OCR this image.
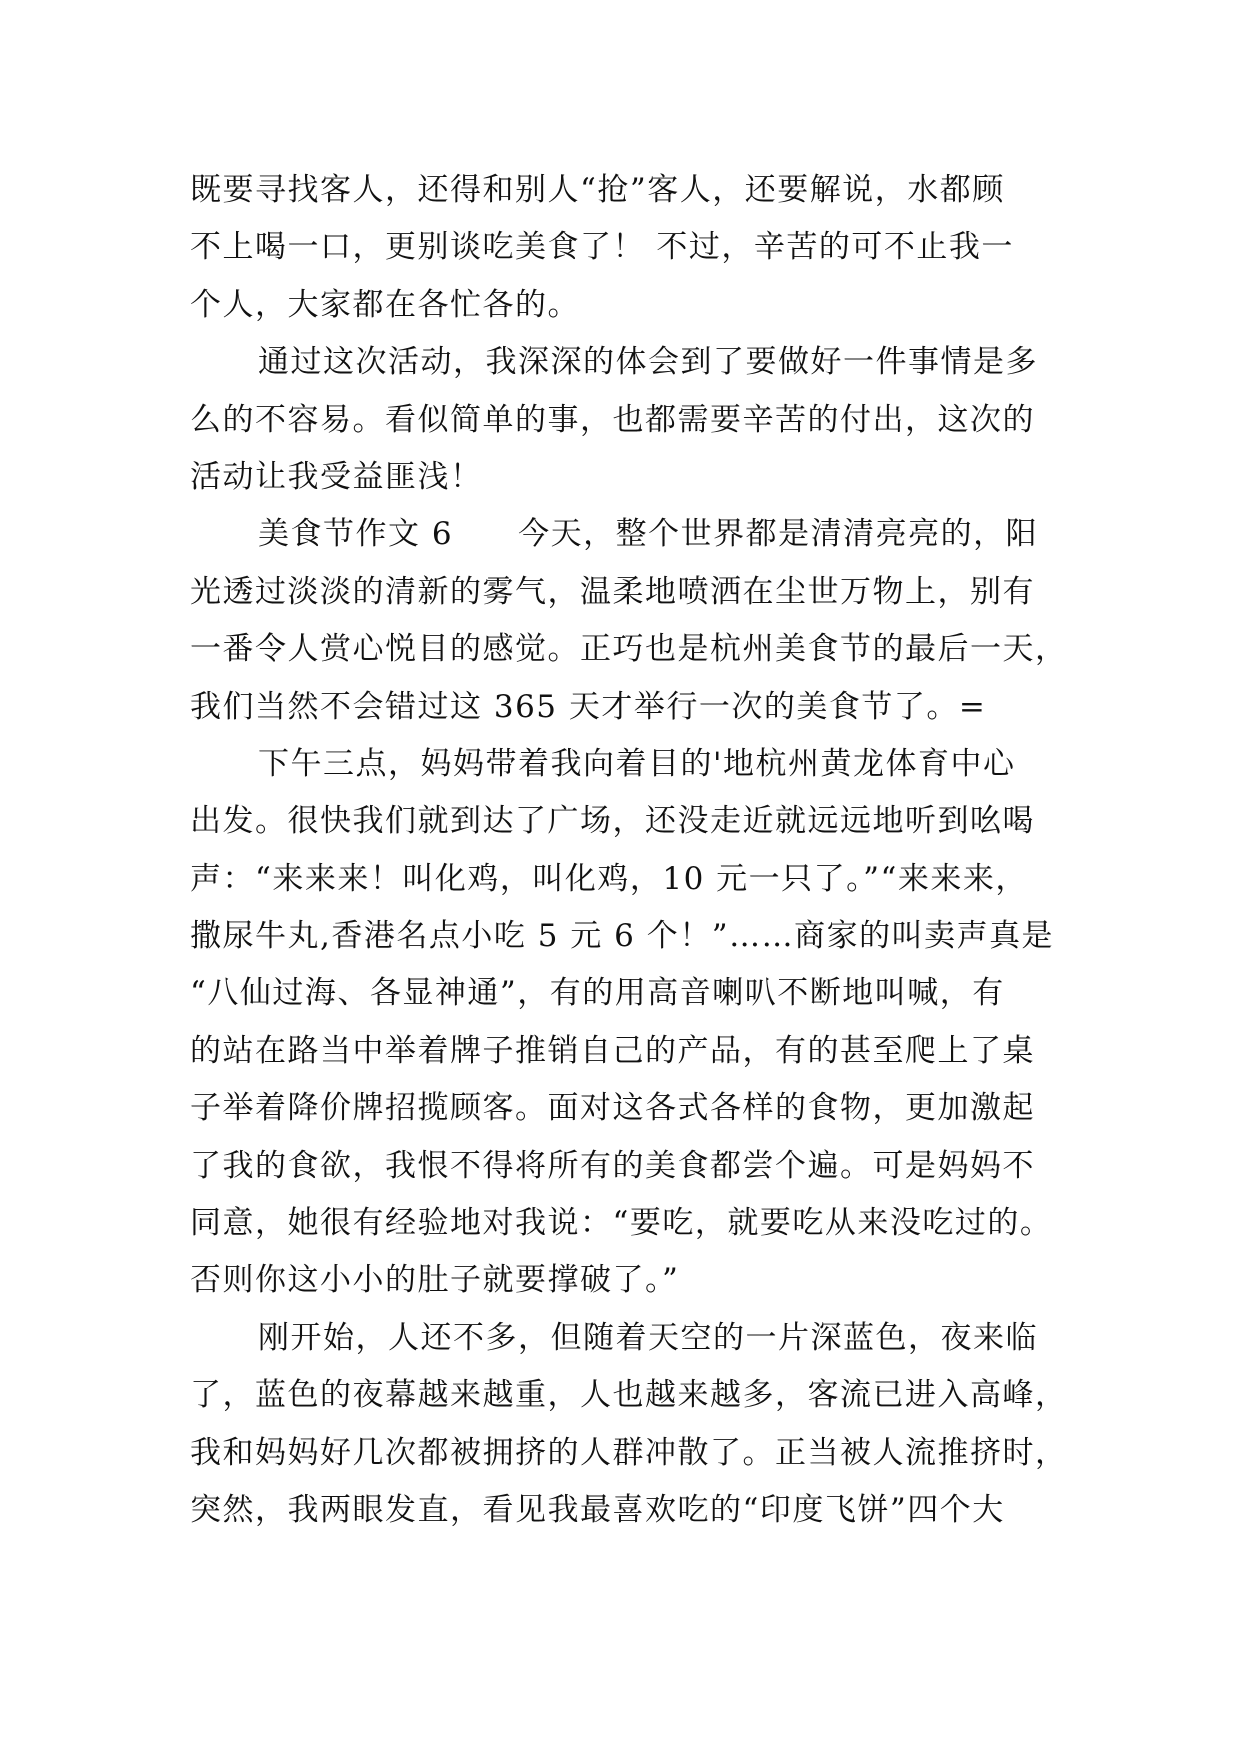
既要寻找客人，还得和别人“抢”客人，还要解说，水都顾
不上喝一口，更别谈吃美食了！ 不过，辛苦的可不止我一
个人，大家都在各忙各的。
通过这次活动，我深深的体会到了要做好一件事情是多
么的不容易。看似简单的事，也都需要辛苦的付出，这次的
活动让我受益匪浅！
美食节作文 6　　今天，整个世界都是清清亮亮的，阳
光透过淡淡的清新的雾气，温柔地喷洒在尘世万物上，别有
一番令人赏心悦目的感觉。正巧也是杭州美食节的最后一天，
我们当然不会错过这 365 天才举行一次的美食节了。=
下午三点，妈妈带着我向着目的'地杭州黄龙体育中心
出发。很快我们就到达了广场，还没走近就远远地听到吆喝
声：“来来来！叫化鸡，叫化鸡，10 元一只了。”“来来来，
撒尿牛丸,香港名点小吃 5 元 6 个！”……商家的叫卖声真是
“八仙过海、各显神通”，有的用高音喇叭不断地叫喊，有
的站在路当中举着牌子推销自己的产品，有的甚至爬上了桌
子举着降价牌招揽顾客。面对这各式各样的食物，更加激起
了我的食欲，我恨不得将所有的美食都尝个遍。可是妈妈不
同意，她很有经验地对我说：“要吃，就要吃从来没吃过的。
否则你这小小的肚子就要撑破了。”
刚开始，人还不多，但随着天空的一片深蓝色，夜来临
了，蓝色的夜幕越来越重，人也越来越多，客流已进入高峰，
我和妈妈好几次都被拥挤的人群冲散了。正当被人流推挤时，
突然，我两眼发直，看见我最喜欢吃的“印度飞饼”四个大
